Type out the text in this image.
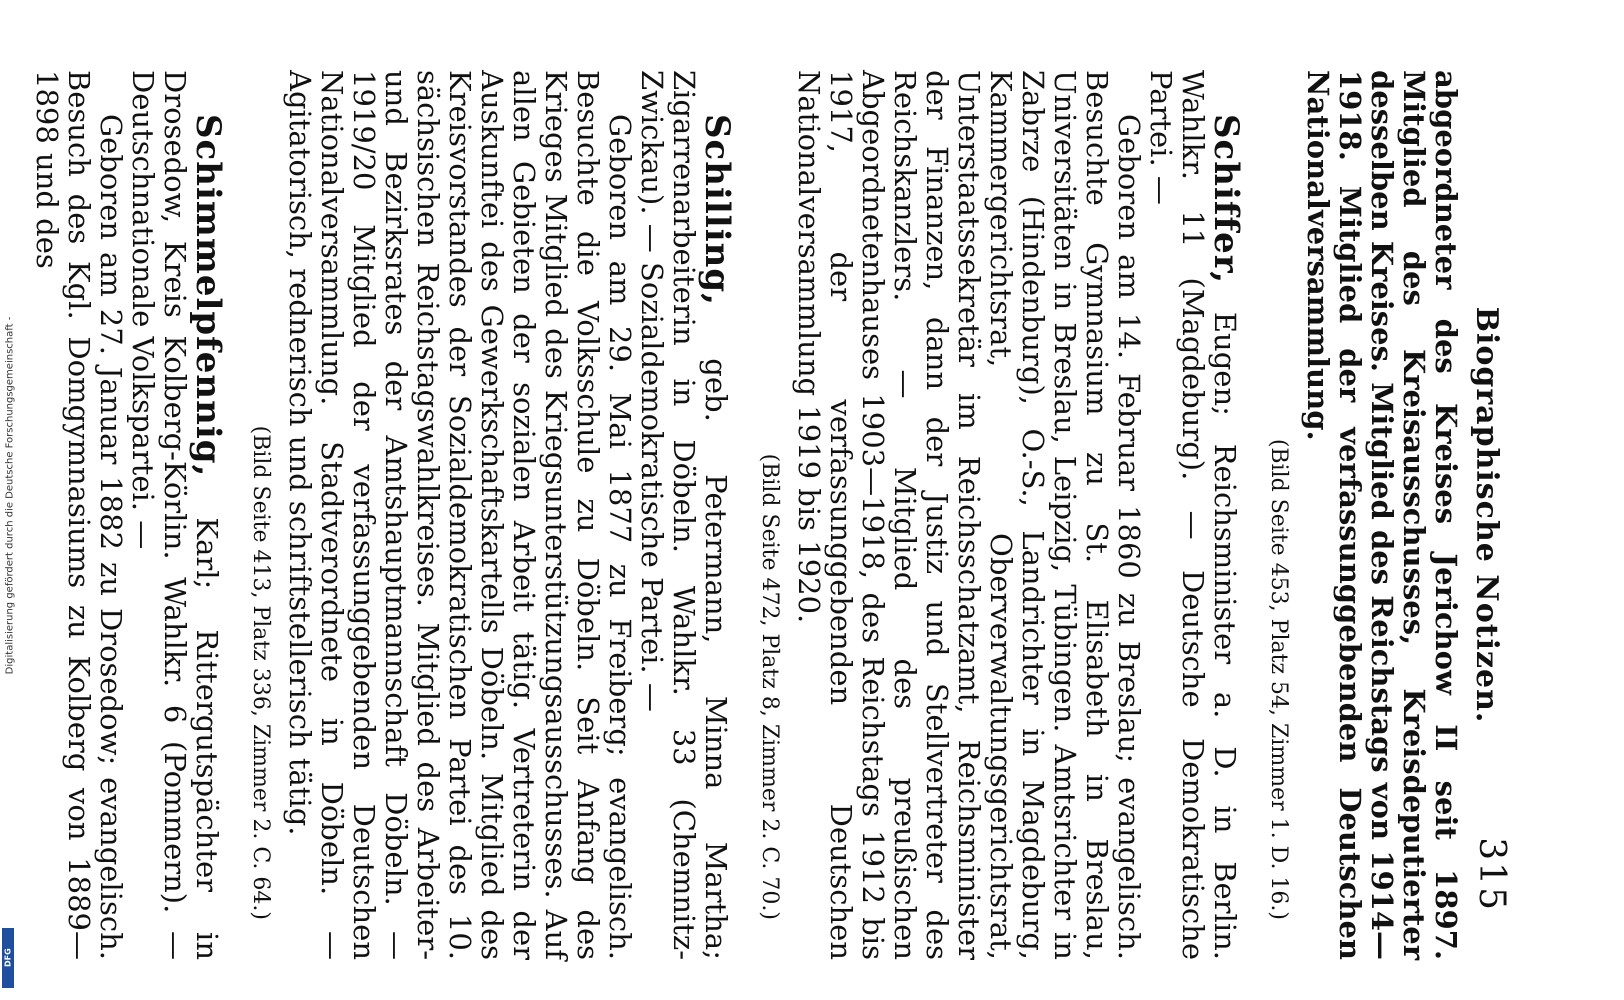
Digitalisierung gefördert durch die Deutsche Forschungsgemeinschaft -
DFG
Biographische Notizen.
315

abgeordneter des Kreises Jerichow II seit 1897. Mitglied des Kreisausschusses, Kreisdeputierter desselben Kreises. Mitglied des Reichstags von 1914—1918. Mitglied der verfassunggebenden Deutschen Nationalversammlung.

(Bild Seite 453, Platz 54, Zimmer 1. D. 16.)

Schiffer, Eugen; Reichsminister a. D. in Berlin. Wahlkr. 11 (Magdeburg). — Deutsche Demokratische Partei. —

Geboren am 14. Februar 1860 zu Breslau; evangelisch. Besuchte Gymnasium zu St. Elisabeth in Breslau, Universitäten in Breslau, Leipzig, Tübingen. Amtsrichter in Zabrze (Hindenburg), O.-S., Landrichter in Magdeburg, Kammergerichtsrat, Oberverwaltungsgerichtsrat, Unterstaatssekretär im Reichsschatzamt, Reichsminister der Finanzen, dann der Justiz und Stellvertreter des Reichskanzlers. — Mitglied des preußischen Abgeordnetenhauses 1903—1918, des Reichstags 1912 bis 1917, der verfassunggebenden Deutschen Nationalversammlung 1919 bis 1920.

(Bild Seite 472, Platz 8, Zimmer 2. C. 70.)

Schilling, geb. Petermann, Minna Martha; Zigarrenarbeiterin in Döbeln. Wahlkr. 33 (Chemnitz-Zwickau). — Sozialdemokratische Partei. —

Geboren am 29. Mai 1877 zu Freiberg; evangelisch. Besuchte die Volksschule zu Döbeln. Seit Anfang des Krieges Mitglied des Kriegsunterstützungsausschusses. Auf allen Gebieten der sozialen Arbeit tätig. Vertreterin der Auskunftei des Gewerkschaftskartells Döbeln. Mitglied des Kreisvorstandes der Sozialdemokratischen Partei des 10. sächsischen Reichstagswahlkreises. Mitglied des Arbeiter- und Bezirksrates der Amtshauptmannschaft Döbeln. — 1919/20 Mitglied der verfassunggebenden Deutschen Nationalversammlung. Stadtverordnete in Döbeln. — Agitatorisch, rednerisch und schriftstellerisch tätig.

(Bild Seite 413, Platz 336, Zimmer 2. C. 64.)

Schimmelpfennig, Karl; Rittergutspächter in Drosedow, Kreis Kolberg-Körlin. Wahlkr. 6 (Pommern). — Deutschnationale Volkspartei. —

Geboren am 27. Januar 1882 zu Drosedow; evangelisch. Besuch des Kgl. Domgymnasiums zu Kolberg von 1889—1898 und des
